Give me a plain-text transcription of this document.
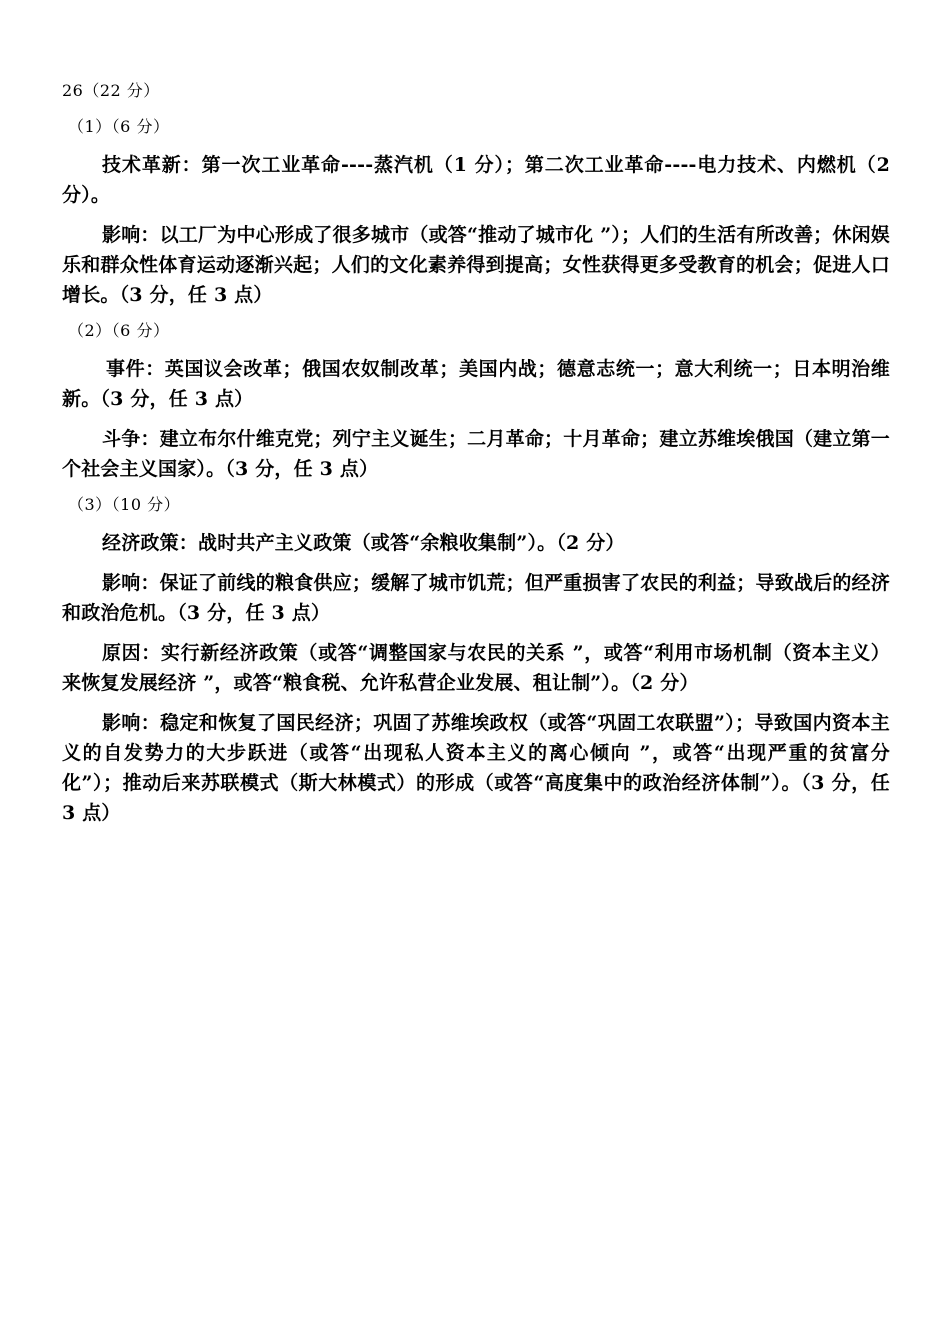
26（22 分）
（1）（6 分）

技术革新：第一次工业革命----蒸汽机（1 分）；第二次工业革命----电力技术、内燃机（2 分）。

影响：以工厂为中心形成了很多城市（或答“推动了城市化 ”）；人们的生活有所改善；休闲娱乐和群众性体育运动逐渐兴起；人们的文化素养得到提高；女性获得更多受教育的机会；促进人口增长。（3 分，任 3 点）

（2）（6 分）

事件：英国议会改革；俄国农奴制改革；美国内战；德意志统一；意大利统一；日本明治维新。（3 分，任 3 点）

斗争：建立布尔什维克党；列宁主义诞生；二月革命；十月革命；建立苏维埃俄国（建立第一个社会主义国家）。（3 分，任 3 点）

（3）（10 分）

经济政策：战时共产主义政策（或答“余粮收集制”）。（2 分）

影响：保证了前线的粮食供应；缓解了城市饥荒；但严重损害了农民的利益；导致战后的经济和政治危机。（3 分，任 3 点）

原因：实行新经济政策（或答“调整国家与农民的关系 ”，或答“利用市场机制（资本主义）来恢复发展经济 ”，或答“粮食税、允许私营企业发展、租让制”）。（2 分）

影响：稳定和恢复了国民经济；巩固了苏维埃政权（或答“巩固工农联盟”）；导致国内资本主义的自发势力的大步跃进（或答“出现私人资本主义的离心倾向 ”，或答“出现严重的贫富分化”）；推动后来苏联模式（斯大林模式）的形成（或答“高度集中的政治经济体制”）。（3 分，任 3 点）
